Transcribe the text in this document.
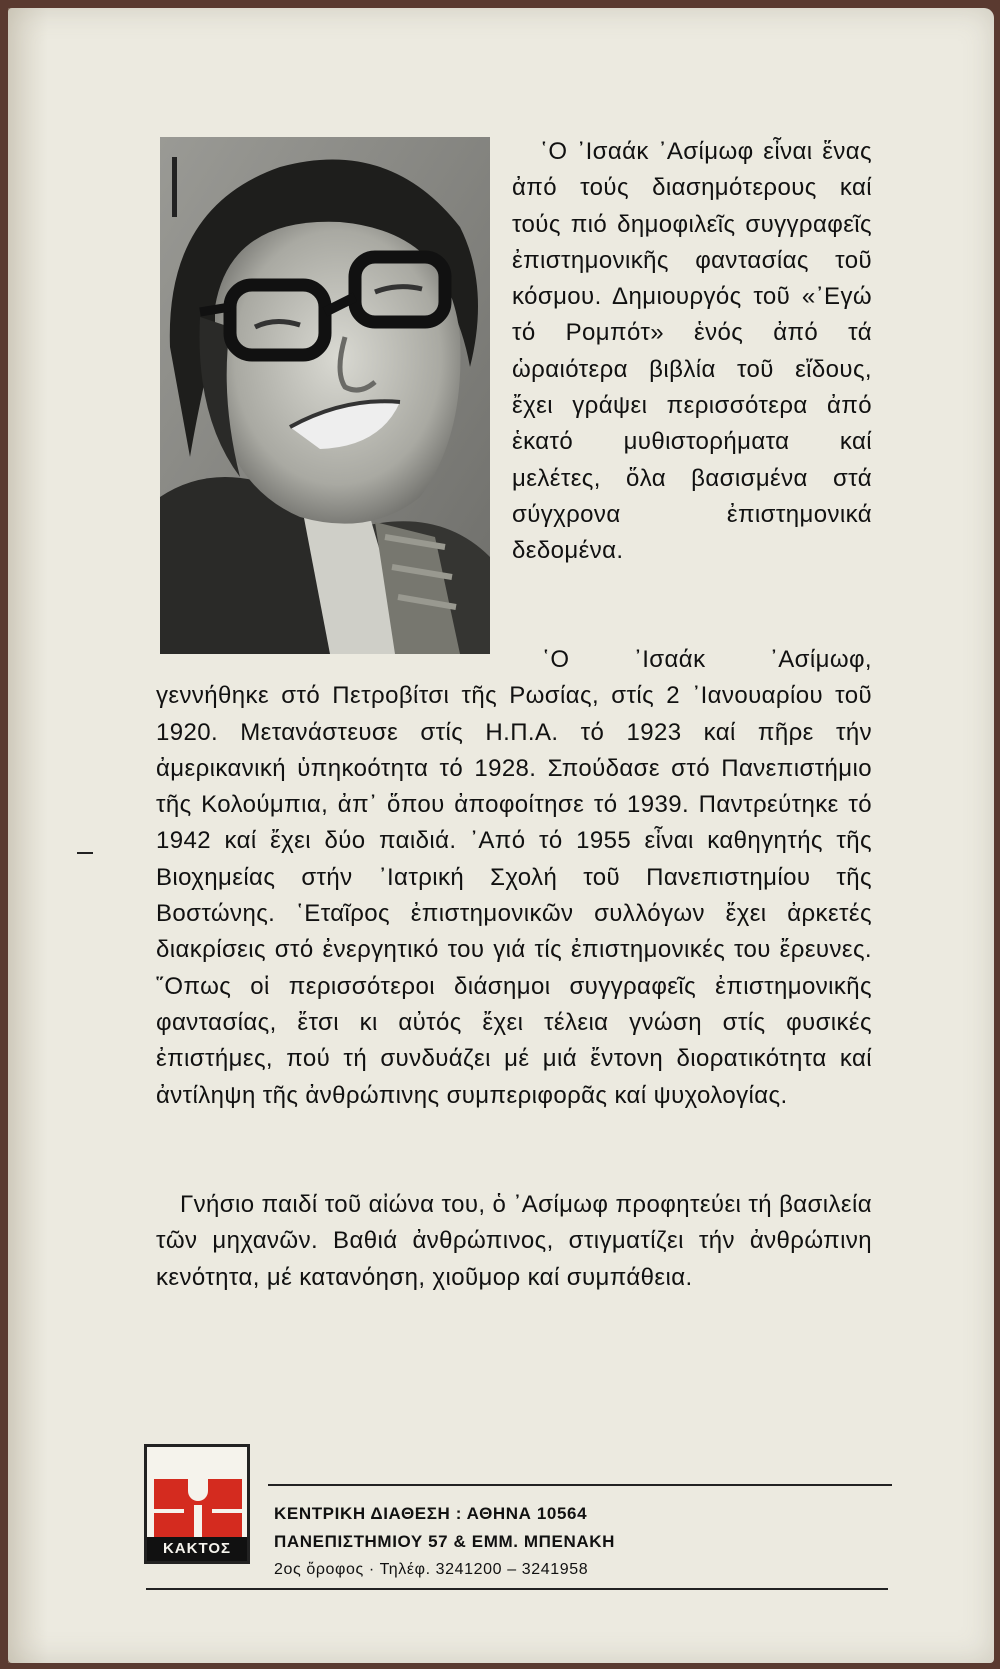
῾Ο ᾿Ισαάκ ᾿Ασίμωφ εἶναι ἕνας ἀπό τούς διασημότερους καί τούς πιό δημοφιλεῖς συγγραφεῖς ἐπιστημονικῆς φαντασίας τοῦ κόσμου. Δημιουργός τοῦ «᾿Εγώ τό Ρομπότ» ἑνός ἀπό τά ὡραιότερα βιβλία τοῦ εἴδους, ἔχει γράψει περισσότερα ἀπό ἑκατό μυθιστορήματα καί μελέτες, ὅλα βασισμένα στά σύγχρονα ἐπιστημονικά δεδομένα.

῾Ο ᾿Ισαάκ ᾿Ασίμωφ, γεννήθηκε στό Πετροβίτσι τῆς Ρωσίας, στίς 2 ᾿Ιανουαρίου τοῦ 1920. Μετανάστευσε στίς Η.Π.Α. τό 1923 καί πῆρε τήν ἀμερικανική ὑπηκοότητα τό 1928. Σπούδασε στό Πανεπιστήμιο τῆς Κολούμπια, ἀπ᾿ ὅπου ἀποφοίτησε τό 1939. Παντρεύτηκε τό 1942 καί ἔχει δύο παιδιά. ᾿Από τό 1955 εἶναι καθηγητής τῆς Βιοχημείας στήν ᾿Ιατρική Σχολή τοῦ Πανεπιστημίου τῆς Βοστώνης. ῾Εταῖρος ἐπιστημονικῶν συλλόγων ἔχει ἀρκετές διακρίσεις στό ἐνεργητικό του γιά τίς ἐπιστημονικές του ἔρευνες. ῞Οπως οἱ περισσότεροι διάσημοι συγγραφεῖς ἐπιστημονικῆς φαντασίας, ἔτσι κι αὐτός ἔχει τέλεια γνώση στίς φυσικές ἐπιστήμες, πού τή συνδυάζει μέ μιά ἔντονη διορατικότητα καί ἀντίληψη τῆς ἀνθρώπινης συμπεριφορᾶς καί ψυχολογίας.

Γνήσιο παιδί τοῦ αἰώνα του, ὁ ᾿Ασίμωφ προφητεύει τή βασιλεία τῶν μηχανῶν. Βαθιά ἀνθρώπινος, στιγματίζει τήν ἀνθρώπινη κενότητα, μέ κατανόηση, χιοῦμορ καί συμπάθεια.

ΚΑΚΤΟΣ
ΚΕΝΤΡΙΚΗ ΔΙΑΘΕΣΗ : ΑΘΗΝΑ 10564
ΠΑΝΕΠΙΣΤΗΜΙΟΥ 57 & ΕΜΜ. ΜΠΕΝΑΚΗ
2ος ὄροφος · Τηλέφ. 3241200 – 3241958
